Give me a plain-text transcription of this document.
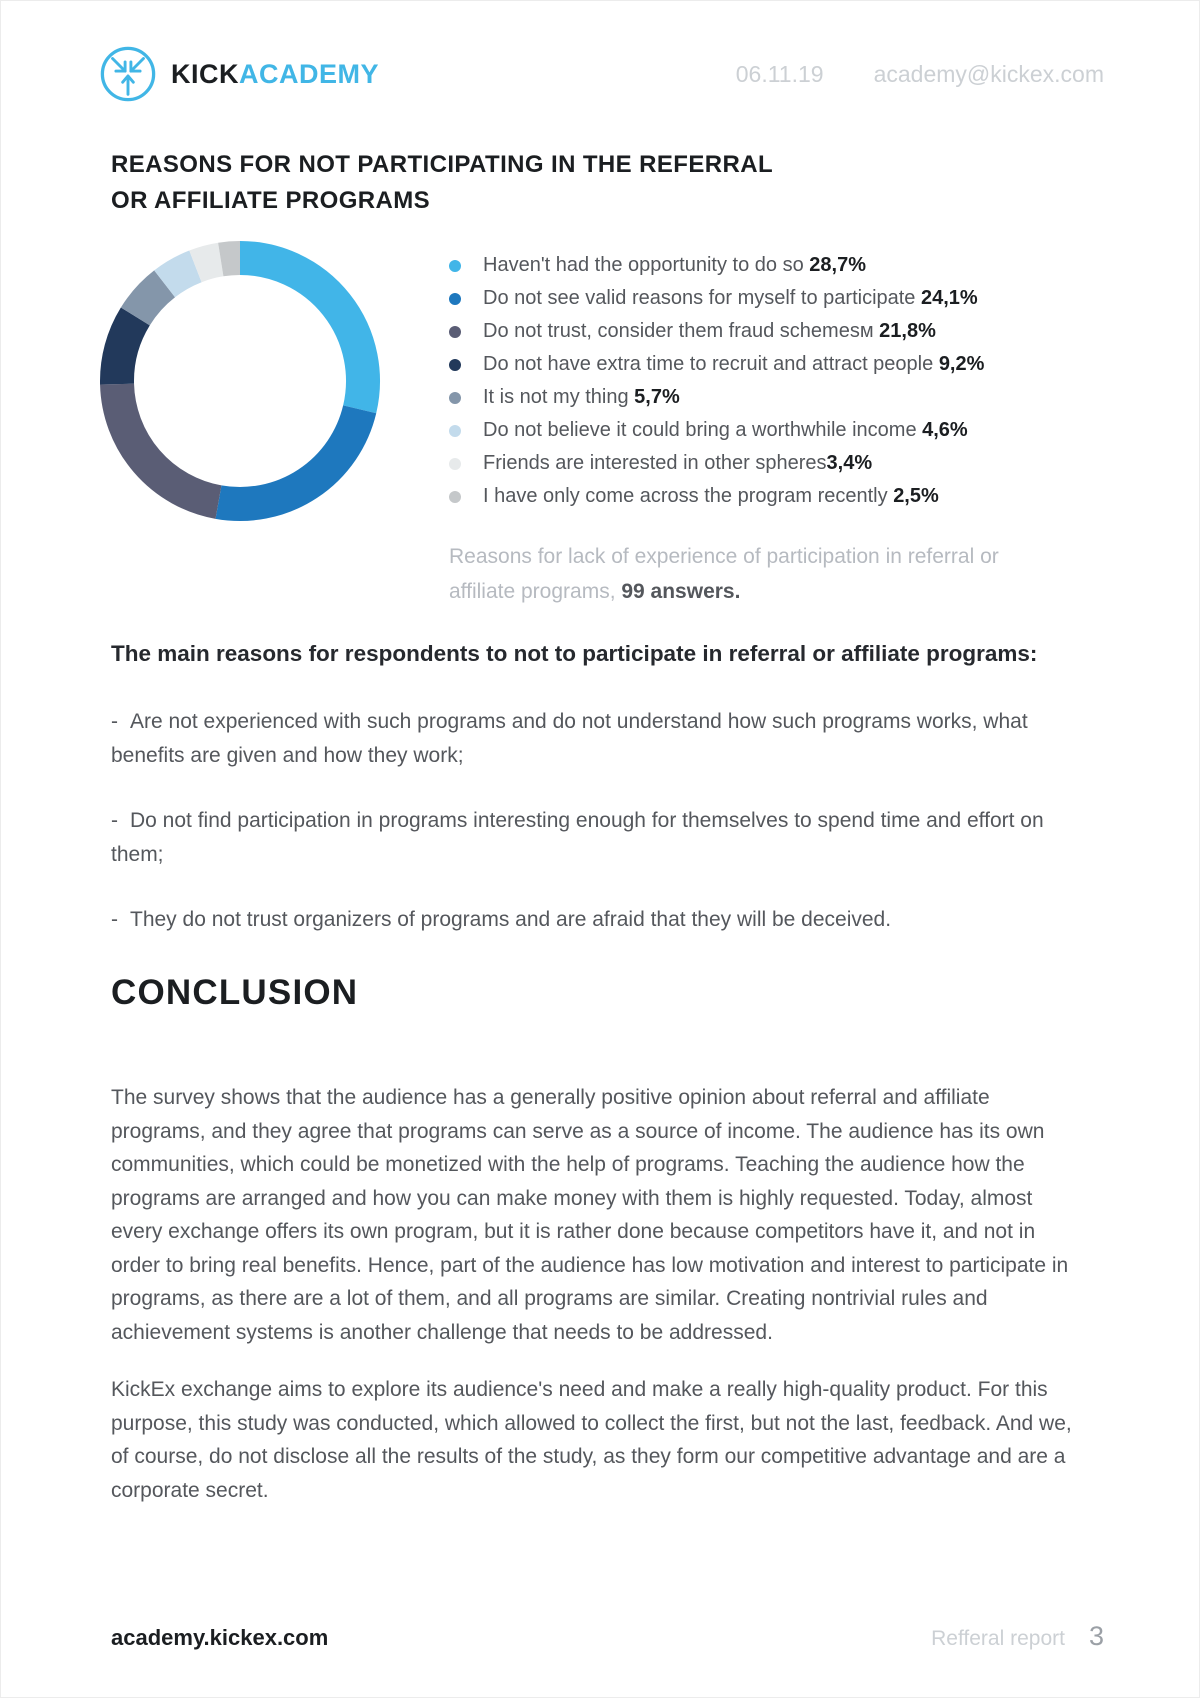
KICKACADEMY	06.11.19 academy@kickex.com
REASONS FOR NOT PARTICIPATING IN THE REFERRAL
OR AFFILIATE PROGRAMS
Haven't had the opportunity to do so 28,7%
Do not see valid reasons for myself to participate 24,1%
Do not trust, consider them fraud schemesм 21,8%
Do not have extra time to recruit and attract people 9,2%
It is not my thing 5,7%
Do not believe it could bring a worthwhile income 4,6%
Friends are interested in other spheres3,4%
I have only come across the program recently 2,5%
Reasons for lack of experience of participation in referral or affiliate programs, 99 answers.
The main reasons for respondents to not to participate in referral or affiliate programs:

- Are not experienced with such programs and do not understand how such programs works, what benefits are given and how they work;

- Do not find participation in programs interesting enough for themselves to spend time and effort on them;

- They do not trust organizers of programs and are afraid that they will be deceived.

CONCLUSION

The survey shows that the audience has a generally positive opinion about referral and affiliate programs, and they agree that programs can serve as a source of income. The audience has its own communities, which could be monetized with the help of programs. Teaching the audience how the programs are arranged and how you can make money with them is highly requested. Today, almost every exchange offers its own program, but it is rather done because competitors have it, and not in order to bring real benefits. Hence, part of the audience has low motivation and interest to participate in programs, as there are a lot of them, and all programs are similar. Creating nontrivial rules and achievement systems is another challenge that needs to be addressed.

KickEx exchange aims to explore its audience's need and make a really high-quality product. For this purpose, this study was conducted, which allowed to collect the first, but not the last, feedback. And we, of course, do not disclose all the results of the study, as they form our competitive advantage and are a corporate secret.

academy.kickex.com	Refferal report 3
